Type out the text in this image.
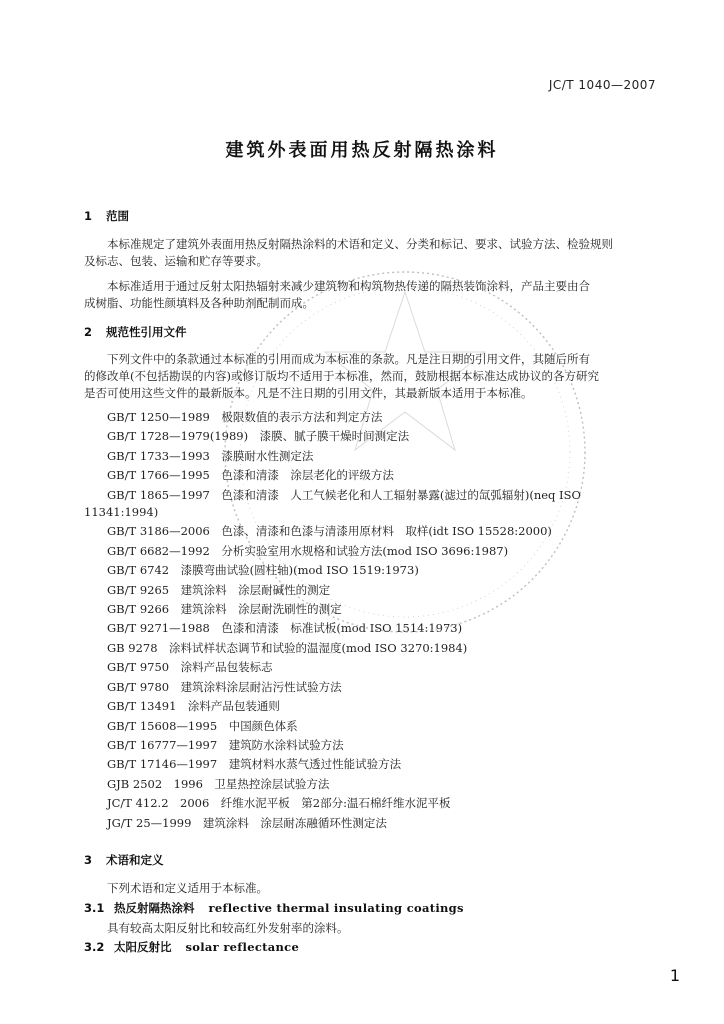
JC/T 1040—2007
建筑外表面用热反射隔热涂料
1 范围
本标准规定了建筑外表面用热反射隔热涂料的术语和定义、分类和标记、要求、试验方法、检验规则
及标志、包装、运输和贮存等要求。
本标准适用于通过反射太阳热辐射来减少建筑物和构筑物热传递的隔热装饰涂料，产品主要由合
成树脂、功能性颜填料及各种助剂配制而成。
2 规范性引用文件
下列文件中的条款通过本标准的引用而成为本标准的条款。凡是注日期的引用文件，其随后所有
的修改单(不包括勘误的内容)或修订版均不适用于本标准，然而，鼓励根据本标准达成协议的各方研究
是否可使用这些文件的最新版本。凡是不注日期的引用文件，其最新版本适用于本标准。
GB/T 1250—1989　极限数值的表示方法和判定方法
GB/T 1728—1979(1989)　漆膜、腻子膜干燥时间测定法
GB/T 1733—1993　漆膜耐水性测定法
GB/T 1766—1995　色漆和清漆　涂层老化的评级方法
GB/T 1865—1997　色漆和清漆　人工气候老化和人工辐射暴露(滤过的氙弧辐射)(neq ISO
11341:1994)
GB/T 3186—2006　色漆、清漆和色漆与清漆用原材料　取样(idt ISO 15528:2000)
GB/T 6682—1992　分析实验室用水规格和试验方法(mod ISO 3696:1987)
GB/T 6742　漆膜弯曲试验(圆柱轴)(mod ISO 1519:1973)
GB/T 9265　建筑涂料　涂层耐碱性的测定
GB/T 9266　建筑涂料　涂层耐洗刷性的测定
GB/T 9271—1988　色漆和清漆　标准试板(mod ISO 1514:1973)
GB 9278　涂料试样状态调节和试验的温湿度(mod ISO 3270:1984)
GB/T 9750　涂料产品包装标志
GB/T 9780　建筑涂料涂层耐沾污性试验方法
GB/T 13491　涂料产品包装通则
GB/T 15608—1995　中国颜色体系
GB/T 16777—1997　建筑防水涂料试验方法
GB/T 17146—1997　建筑材料水蒸气透过性能试验方法
GJB 2502　1996　卫星热控涂层试验方法
JC/T 412.2　2006　纤维水泥平板　第2部分:温石棉纤维水泥平板
JG/T 25—1999　建筑涂料　涂层耐冻融循环性测定法
3 术语和定义
下列术语和定义适用于本标准。
3.1 热反射隔热涂料 reflective thermal insulating coatings
具有较高太阳反射比和较高红外发射率的涂料。
3.2 太阳反射比 solar reflectance
1
